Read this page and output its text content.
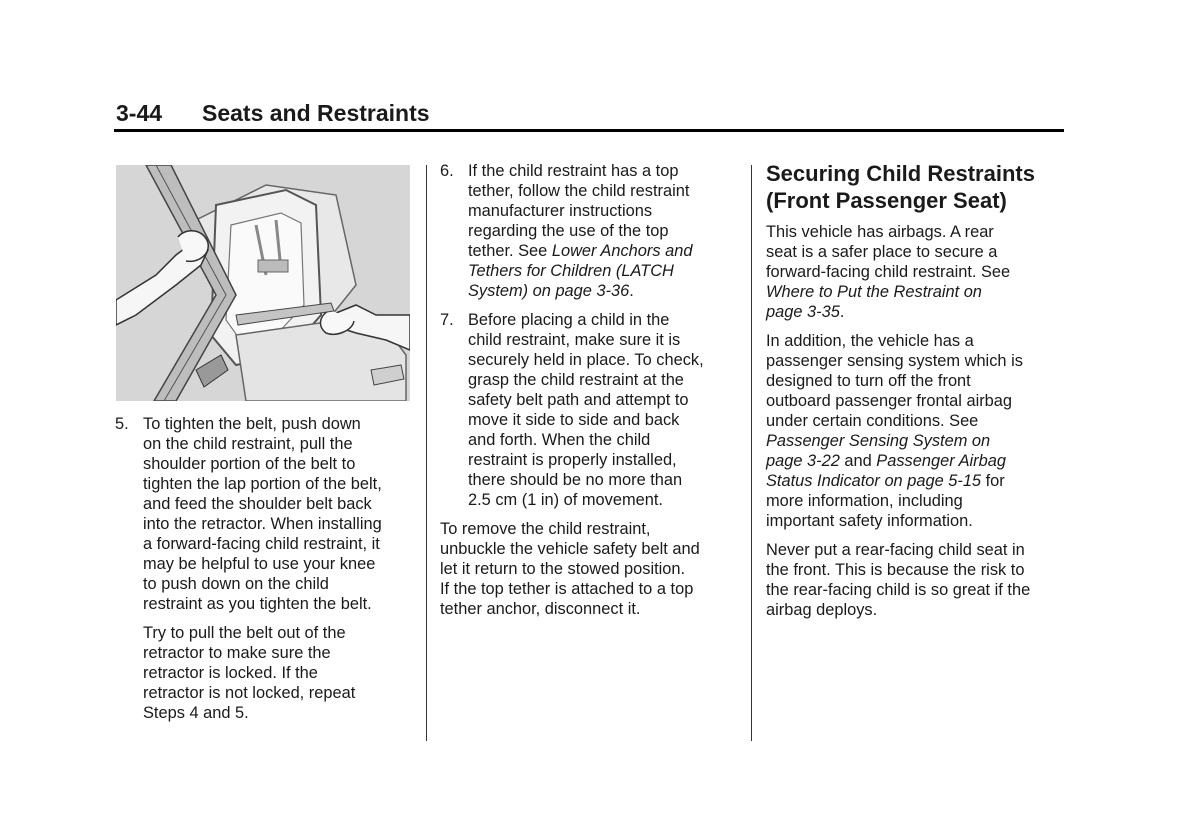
3-44 Seats and Restraints
5. To tighten the belt, push down
on the child restraint, pull the
shoulder portion of the belt to
tighten the lap portion of the belt,
and feed the shoulder belt back
into the retractor. When installing
a forward-facing child restraint, it
may be helpful to use your knee
to push down on the child
restraint as you tighten the belt.
Try to pull the belt out of the
retractor to make sure the
retractor is locked. If the
retractor is not locked, repeat
Steps 4 and 5.
6. If the child restraint has a top
tether, follow the child restraint
manufacturer instructions
regarding the use of the top
tether. See Lower Anchors and
Tethers for Children (LATCH
System) on page 3-36.
7. Before placing a child in the
child restraint, make sure it is
securely held in place. To check,
grasp the child restraint at the
safety belt path and attempt to
move it side to side and back
and forth. When the child
restraint is properly installed,
there should be no more than
2.5 cm (1 in) of movement.
To remove the child restraint,
unbuckle the vehicle safety belt and
let it return to the stowed position.
If the top tether is attached to a top
tether anchor, disconnect it.
Securing Child Restraints
(Front Passenger Seat)
This vehicle has airbags. A rear
seat is a safer place to secure a
forward-facing child restraint. See
Where to Put the Restraint on
page 3-35.
In addition, the vehicle has a
passenger sensing system which is
designed to turn off the front
outboard passenger frontal airbag
under certain conditions. See
Passenger Sensing System on
page 3-22 and Passenger Airbag
Status Indicator on page 5-15 for
more information, including
important safety information.
Never put a rear-facing child seat in
the front. This is because the risk to
the rear-facing child is so great if the
airbag deploys.
